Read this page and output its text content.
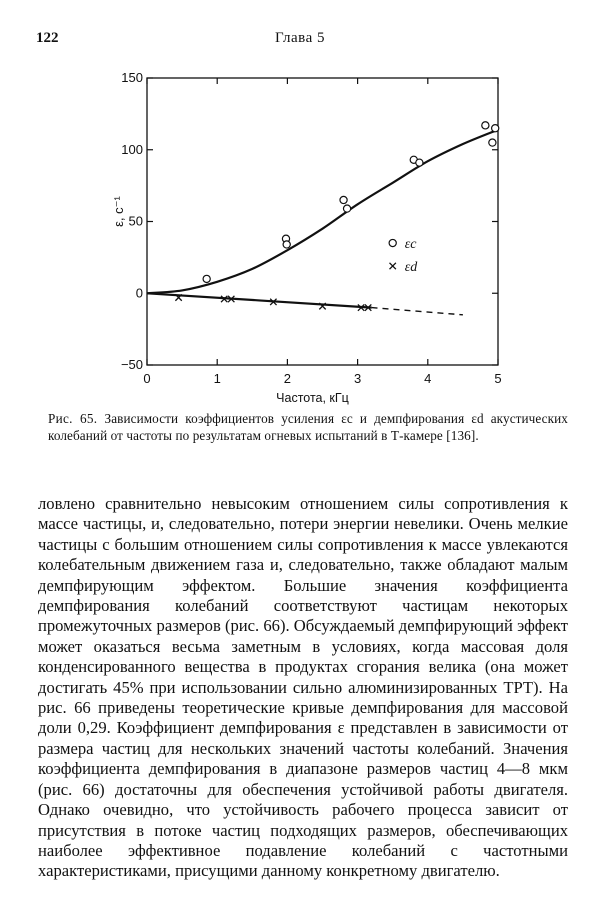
122	Глава 5
150
100
50
0
−50
0	1	2	3	4	5
Частота, кГц
ε, с⁻¹
εc
εd
Рис. 65. Зависимости коэффициентов усиления εc и демпфирования εd акустических колебаний от частоты по результатам огневых испытаний в Т-камере [136].

ловлено сравнительно невысоким отношением силы сопротивления к массе частицы, и, следовательно, потери энергии невелики. Очень мелкие частицы с большим отношением силы сопротивления к массе увлекаются колебательным движением газа и, следовательно, также обладают малым демпфирующим эффектом. Большие значения коэффициента демпфирования колебаний соответствуют частицам некоторых промежуточных размеров (рис. 66). Обсуждаемый демпфирующий эффект может оказаться весьма заметным в условиях, когда массовая доля конденсированного вещества в продуктах сгорания велика (она может достигать 45% при использовании сильно алюминизированных ТРТ). На рис. 66 приведены теоретические кривые демпфирования для массовой доли 0,29. Коэффициент демпфирования ε представлен в зависимости от размера частиц для нескольких значений частоты колебаний. Значения коэффициента демпфирования в диапазоне размеров частиц 4—8 мкм (рис. 66) достаточны для обеспечения устойчивой работы двигателя. Однако очевидно, что устойчивость рабочего процесса зависит от присутствия в потоке частиц подходящих размеров, обеспечивающих наиболее эффективное подавление колебаний с частотными характеристиками, присущими данному конкретному двигателю.
